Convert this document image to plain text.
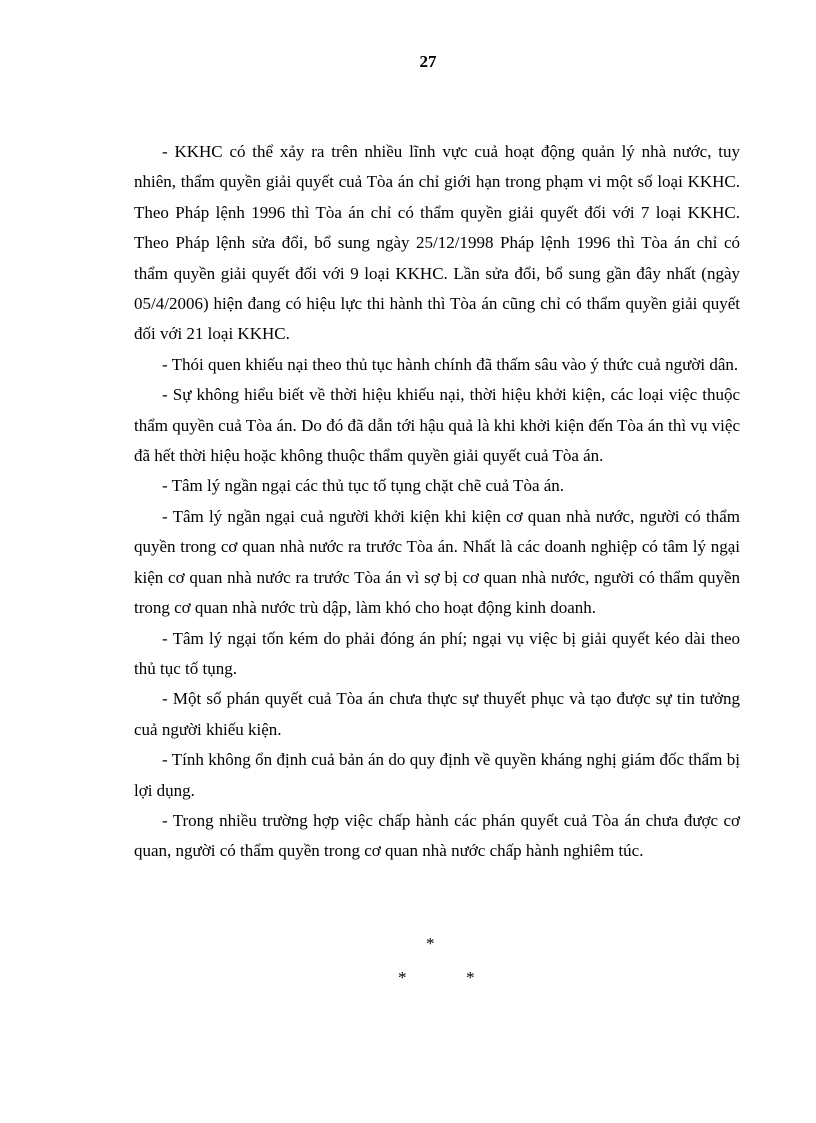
27

- KKHC có thể xảy ra trên nhiều lĩnh vực cuả hoạt động quản lý nhà nước, tuy nhiên, thẩm quyền giải quyết cuả Tòa án chỉ giới hạn trong phạm vi một số loại KKHC. Theo Pháp lệnh 1996 thì Tòa án chỉ có thẩm quyền giải quyết đối với 7 loại KKHC. Theo Pháp lệnh sửa đổi, bổ sung ngày 25/12/1998 Pháp lệnh 1996 thì Tòa án chỉ có thẩm quyền giải quyết đối với 9 loại KKHC. Lần sửa đổi, bổ sung gần đây nhất (ngày 05/4/2006) hiện đang có hiệu lực thi hành thì Tòa án cũng chỉ có thẩm quyền giải quyết đối với 21 loại KKHC.

- Thói quen khiếu nại theo thủ tục hành chính đã thấm sâu vào ý thức cuả người dân.

- Sự không hiểu biết về thời hiệu khiếu nại, thời hiệu khởi kiện, các loại việc thuộc thẩm quyền cuả Tòa án. Do đó đã dẫn tới hậu quả là khi khởi kiện đến Tòa án thì vụ việc đã hết thời hiệu hoặc không thuộc thẩm quyền giải quyết cuả Tòa án.

- Tâm lý ngần ngại các thủ tục tố tụng chặt chẽ cuả Tòa án.

- Tâm lý ngần ngại cuả người khởi kiện khi kiện cơ quan nhà nước, người có thẩm quyền trong cơ quan nhà nước ra trước Tòa án. Nhất là các doanh nghiệp có tâm lý ngại kiện cơ quan nhà nước ra trước Tòa án vì sợ bị cơ quan nhà nước, người có thẩm quyền trong cơ quan nhà nước trù dập, làm khó cho hoạt động kinh doanh.

- Tâm lý ngại tốn kém do phải đóng án phí; ngại vụ việc bị giải quyết kéo dài theo thủ tục tố tụng.

- Một số phán quyết cuả Tòa án chưa thực sự thuyết phục và tạo được sự tin tưởng cuả người khiếu kiện.

- Tính không ổn định cuả bản án do quy định về quyền kháng nghị giám đốc thẩm bị lợi dụng.

- Trong nhiều trường hợp việc chấp hành các phán quyết cuả Tòa án chưa được cơ quan, người có thẩm quyền trong cơ quan nhà nước chấp hành nghiêm túc.

*
*	*
